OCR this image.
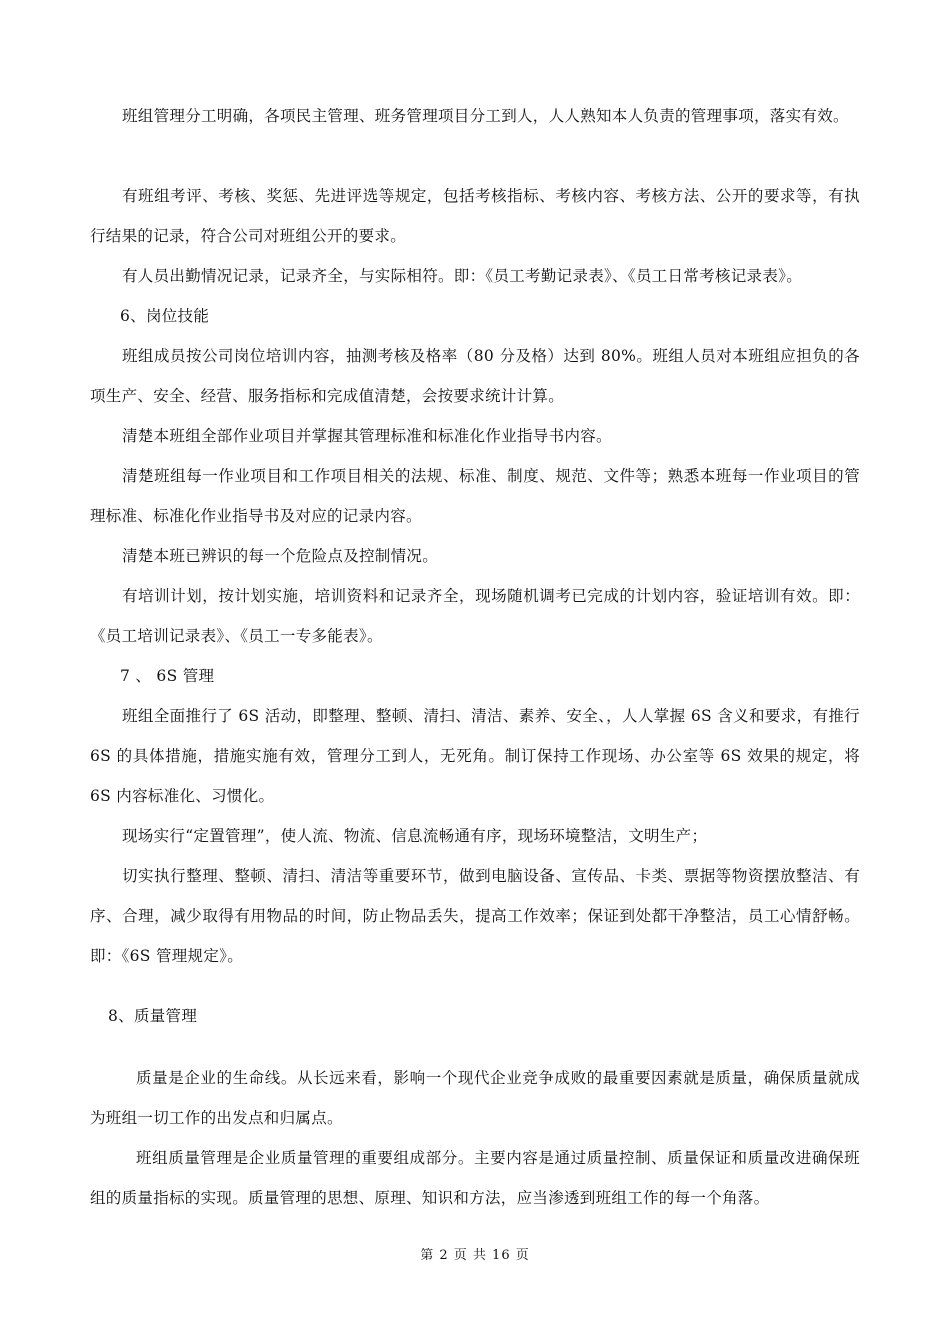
班组管理分工明确，各项民主管理、班务管理项目分工到人，人人熟知本人负责的管理事项，落实有效。

有班组考评、考核、奖惩、先进评选等规定，包括考核指标、考核内容、考核方法、公开的要求等，有执行结果的记录，符合公司对班组公开的要求。

有人员出勤情况记录，记录齐全，与实际相符。即：《员工考勤记录表》、《员工日常考核记录表》。

6、岗位技能

班组成员按公司岗位培训内容，抽测考核及格率（80 分及格）达到 80%。班组人员对本班组应担负的各项生产、安全、经营、服务指标和完成值清楚，会按要求统计计算。

清楚本班组全部作业项目并掌握其管理标准和标准化作业指导书内容。

清楚班组每一作业项目和工作项目相关的法规、标准、制度、规范、文件等；熟悉本班每一作业项目的管理标准、标准化作业指导书及对应的记录内容。

清楚本班已辨识的每一个危险点及控制情况。

有培训计划，按计划实施，培训资料和记录齐全，现场随机调考已完成的计划内容，验证培训有效。即：《员工培训记录表》、《员工一专多能表》。

7 、 6S 管理

班组全面推行了 6S 活动，即整理、整顿、清扫、清洁、素养、安全、，人人掌握 6S 含义和要求，有推行 6S 的具体措施，措施实施有效，管理分工到人，无死角。制订保持工作现场、办公室等 6S 效果的规定，将 6S 内容标准化、习惯化。

现场实行“定置管理”，使人流、物流、信息流畅通有序，现场环境整洁，文明生产；

切实执行整理、整顿、清扫、清洁等重要环节，做到电脑设备、宣传品、卡类、票据等物资摆放整洁、有序、合理，减少取得有用物品的时间，防止物品丢失，提高工作效率；保证到处都干净整洁，员工心情舒畅。即：《6S 管理规定》。

8、质量管理

质量是企业的生命线。从长远来看，影响一个现代企业竞争成败的最重要因素就是质量，确保质量就成为班组一切工作的出发点和归属点。

班组质量管理是企业质量管理的重要组成部分。主要内容是通过质量控制、质量保证和质量改进确保班组的质量指标的实现。质量管理的思想、原理、知识和方法，应当渗透到班组工作的每一个角落。

第 2 页 共 16 页
